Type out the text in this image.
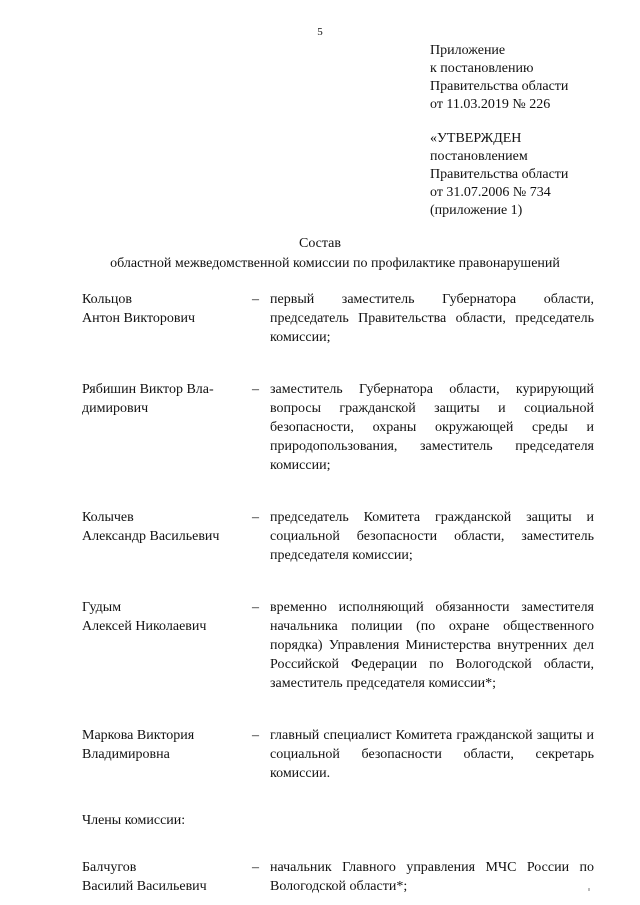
5
Приложение
к постановлению
Правительства области
от 11.03.2019 № 226
«УТВЕРЖДЕН
постановлением
Правительства области
от 31.07.2006 № 734
(приложение 1)
Состав
областной межведомственной комиссии по профилактике правонарушений
Кольцов
Антон Викторович
– первый заместитель Губернатора области, председатель Правительства области, председатель комиссии;
Рябишин Виктор Вла-
димирович
– заместитель Губернатора области, курирующий вопросы гражданской защиты и социальной безопасности, охраны окружающей среды и природопользования, заместитель председателя комиссии;
Колычев
Александр Васильевич
– председатель Комитета гражданской защиты и социальной безопасности области, заместитель председателя комиссии;
Гудым
Алексей Николаевич
– временно исполняющий обязанности заместителя начальника полиции (по охране общественного порядка) Управления Министерства внутренних дел Российской Федерации по Вологодской области, заместитель председателя комиссии*;
Маркова Виктория
Владимировна
– главный специалист Комитета гражданской защиты и социальной безопасности области, секретарь комиссии.
Члены комиссии:
Балчугов
Василий Васильевич
– начальник Главного управления МЧС России по Вологодской области*;
